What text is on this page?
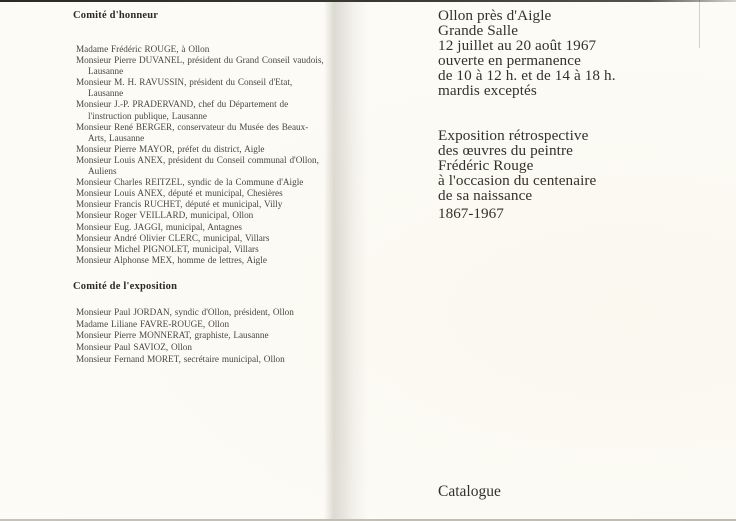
Comité d'honneur
Madame Frédéric ROUGE, à Ollon
Monsieur Pierre DUVANEL, président du Grand Conseil vaudois,
Lausanne
Monsieur M. H. RAVUSSIN, président du Conseil d'Etat,
Lausanne
Monsieur J.-P. PRADERVAND, chef du Département de
l'instruction publique, Lausanne
Monsieur René BERGER, conservateur du Musée des Beaux-
Arts, Lausanne
Monsieur Pierre MAYOR, préfet du district, Aigle
Monsieur Louis ANEX, président du Conseil communal d'Ollon,
Auliens
Monsieur Charles REITZEL, syndic de la Commune d'Aigle
Monsieur Louis ANEX, député et municipal, Chesières
Monsieur Francis RUCHET, député et municipal, Villy
Monsieur Roger VEILLARD, municipal, Ollon
Monsieur Eug. JAGGI, municipal, Antagnes
Monsieur André Olivier CLERC, municipal, Villars
Monsieur Michel PIGNOLET, municipal, Villars
Monsieur Alphonse MEX, homme de lettres, Aigle
Comité de l'exposition
Monsieur Paul JORDAN, syndic d'Ollon, président, Ollon
Madame Liliane FAVRE-ROUGE, Ollon
Monsieur Pierre MONNERAT, graphiste, Lausanne
Monsieur Paul SAVIOZ, Ollon
Monsieur Fernand MORET, secrétaire municipal, Ollon
Ollon près d'Aigle
Grande Salle
12 juillet au 20 août 1967
ouverte en permanence
de 10 à 12 h. et de 14 à 18 h.
mardis exceptés
Exposition rétrospective
des œuvres du peintre
Frédéric Rouge
à l'occasion du centenaire
de sa naissance
1867-1967
Catalogue
